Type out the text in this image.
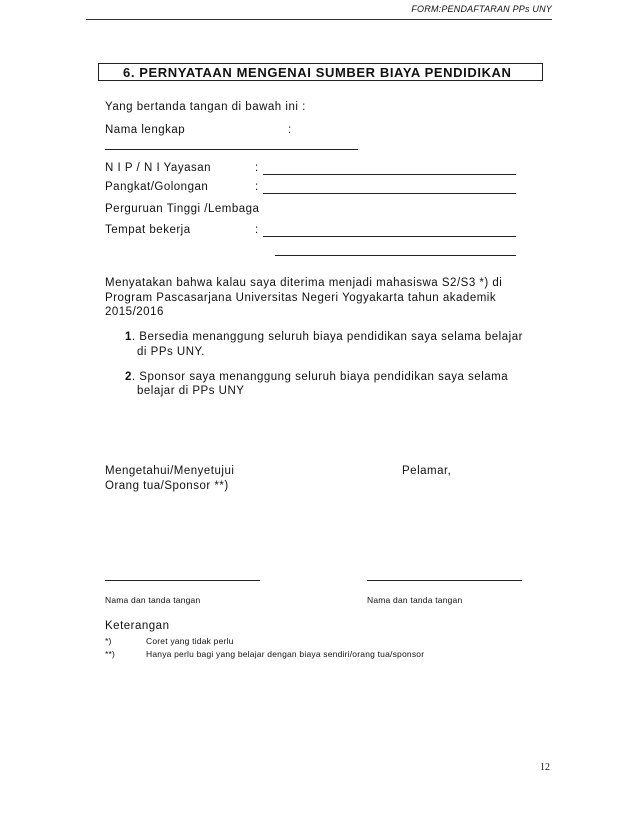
FORM:PENDAFTARAN PPs UNY
6. PERNYATAAN MENGENAI SUMBER BIAYA PENDIDIKAN
Yang bertanda tangan di bawah ini :
Nama lengkap	:
N I P / N I Yayasan	:
Pangkat/Golongan	:
Perguruan Tinggi /Lembaga
Tempat bekerja	:
Menyatakan bahwa kalau saya diterima menjadi mahasiswa S2/S3 *) di
Program Pascasarjana Universitas Negeri Yogyakarta tahun akademik
2015/2016
1. Bersedia menanggung seluruh biaya pendidikan saya selama belajar
di PPs UNY.
2. Sponsor saya menanggung seluruh biaya pendidikan saya selama
belajar di PPs UNY
Mengetahui/Menyetujui
Orang tua/Sponsor **)
Pelamar,
Nama dan tanda tangan	Nama dan tanda tangan
Keterangan
*)	Coret yang tidak perlu
**)	Hanya perlu bagi yang belajar dengan biaya sendiri/orang tua/sponsor
12
